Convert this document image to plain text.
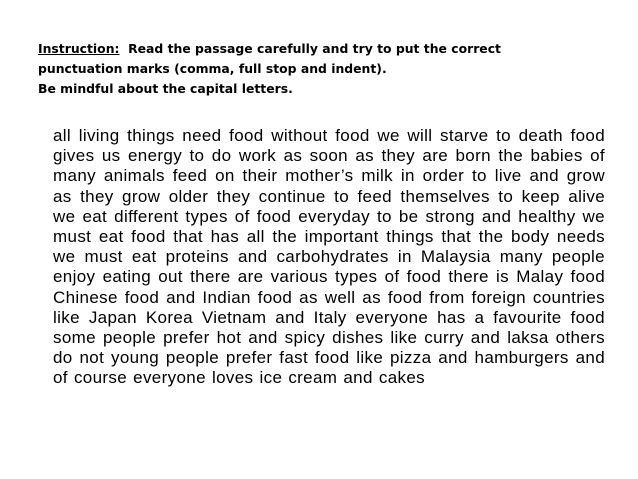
Instruction: Read the passage carefully and try to put the correct
punctuation marks (comma, full stop and indent).
Be mindful about the capital letters.

all living things need food without food we will starve to death food gives us energy to do work as soon as they are born the babies of many animals feed on their mother’s milk in order to live and grow as they grow older they continue to feed themselves to keep alive we eat different types of food everyday to be strong and healthy we must eat food that has all the important things that the body needs we must eat proteins and carbohydrates in Malaysia many people enjoy eating out there are various types of food there is Malay food Chinese food and Indian food as well as food from foreign countries like Japan Korea Vietnam and Italy everyone has a favourite food some people prefer hot and spicy dishes like curry and laksa others do not young people prefer fast food like pizza and hamburgers and of course everyone loves ice cream and cakes
